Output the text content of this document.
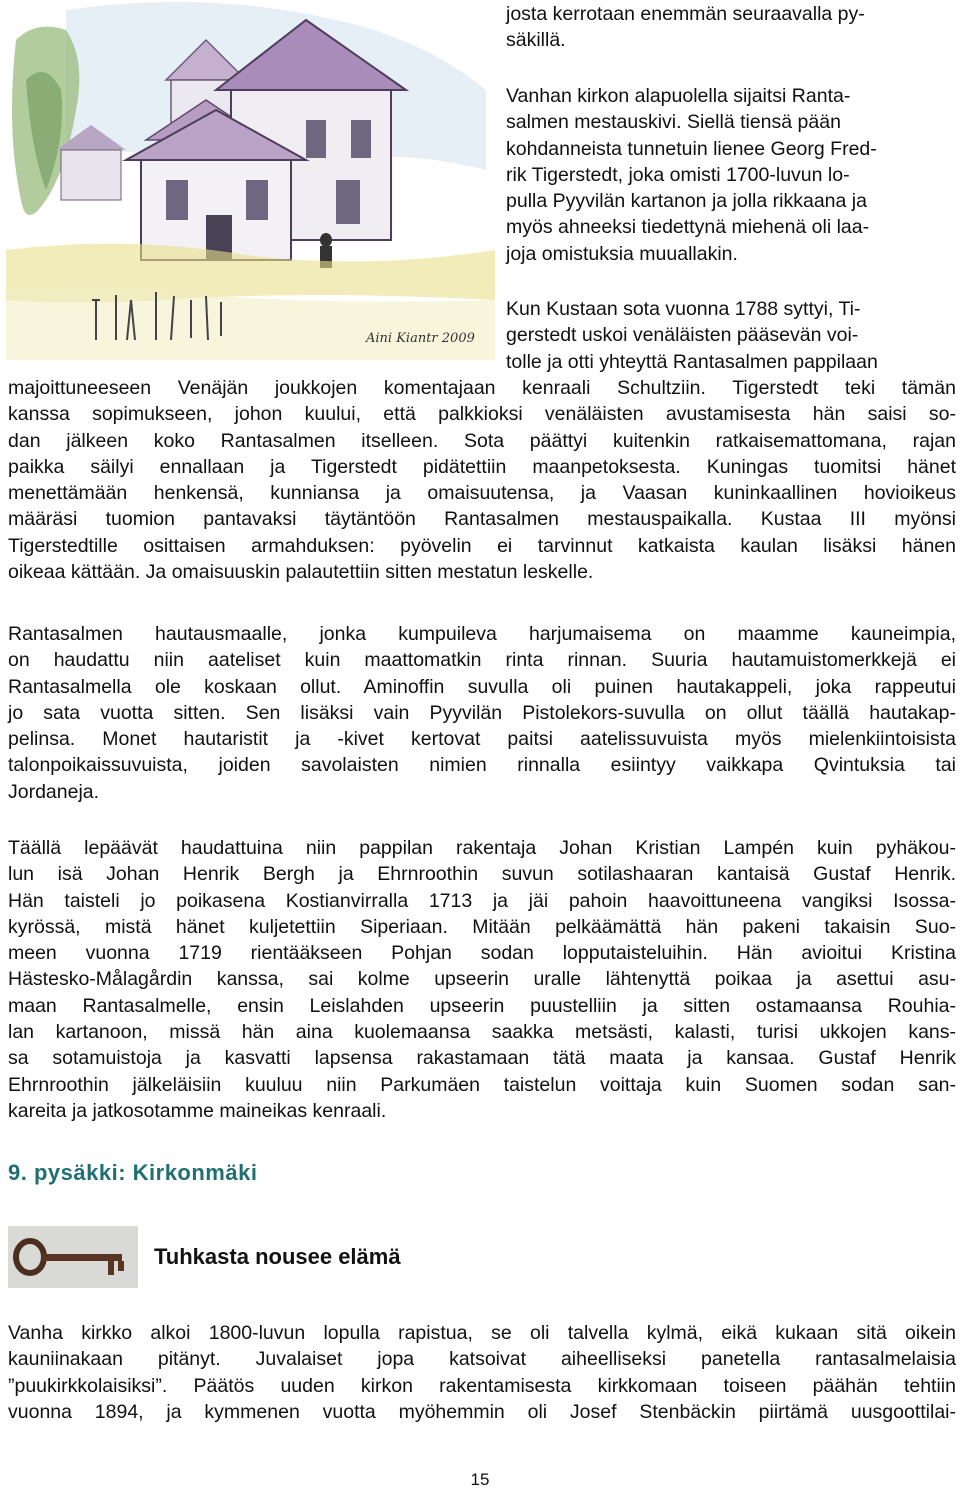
Aini Kiantr 2009
josta kerrotaan enemmän seuraavalla py-
säkillä.
Vanhan kirkon alapuolella sijaitsi Ranta-
salmen mestauskivi. Siellä tiensä pään
kohdanneista tunnetuin lienee Georg Fred-
rik Tigerstedt, joka omisti 1700-luvun lo-
pulla Pyyvilän kartanon ja jolla rikkaana ja
myös ahneeksi tiedettynä miehenä oli laa-
joja omistuksia muuallakin.
Kun Kustaan sota vuonna 1788 syttyi, Ti-
gerstedt uskoi venäläisten pääsevän voi-
tolle ja otti yhteyttä Rantasalmen pappilaan
majoittuneeseen Venäjän joukkojen komentajaan kenraali Schultziin. Tigerstedt teki tämän
kanssa sopimukseen, johon kuului, että palkkioksi venäläisten avustamisesta hän saisi so-
dan jälkeen koko Rantasalmen itselleen. Sota päättyi kuitenkin ratkaisemattomana, rajan
paikka säilyi ennallaan ja Tigerstedt pidätettiin maanpetoksesta. Kuningas tuomitsi hänet
menettämään henkensä, kunniansa ja omaisuutensa, ja Vaasan kuninkaallinen hovioikeus
määräsi tuomion pantavaksi täytäntöön Rantasalmen mestauspaikalla. Kustaa III myönsi
Tigerstedtille osittaisen armahduksen: pyövelin ei tarvinnut katkaista kaulan lisäksi hänen
oikeaa kättään. Ja omaisuuskin palautettiin sitten mestatun leskelle.
Rantasalmen hautausmaalle, jonka kumpuileva harjumaisema on maamme kauneimpia,
on haudattu niin aateliset kuin maattomatkin rinta rinnan. Suuria hautamuistomerkkejä ei
Rantasalmella ole koskaan ollut. Aminoffin suvulla oli puinen hautakappeli, joka rappeutui
jo sata vuotta sitten. Sen lisäksi vain Pyyvilän Pistolekors-suvulla on ollut täällä hautakap-
pelinsa. Monet hautaristit ja -kivet kertovat paitsi aatelissuvuista myös mielenkiintoisista
talonpoikaissuvuista, joiden savolaisten nimien rinnalla esiintyy vaikkapa Qvintuksia tai
Jordaneja.
Täällä lepäävät haudattuina niin pappilan rakentaja Johan Kristian Lampén kuin pyhäkou-
lun isä Johan Henrik Bergh ja Ehrnroothin suvun sotilashaaran kantaisä Gustaf Henrik.
Hän taisteli jo poikasena Kostianvirralla 1713 ja jäi pahoin haavoittuneena vangiksi Isossa-
kyrössä, mistä hänet kuljetettiin Siperiaan. Mitään pelkäämättä hän pakeni takaisin Suo-
meen vuonna 1719 rientääkseen Pohjan sodan lopputaisteluihin. Hän avioitui Kristina
Hästesko-Målagårdin kanssa, sai kolme upseerin uralle lähtenyttä poikaa ja asettui asu-
maan Rantasalmelle, ensin Leislahden upseerin puustelliin ja sitten ostamaansa Rouhia-
lan kartanoon, missä hän aina kuolemaansa saakka metsästi, kalasti, turisi ukkojen kans-
sa sotamuistoja ja kasvatti lapsensa rakastamaan tätä maata ja kansaa. Gustaf Henrik
Ehrnroothin jälkeläisiin kuuluu niin Parkumäen taistelun voittaja kuin Suomen sodan san-
kareita ja jatkosotamme maineikas kenraali.
9. pysäkki: Kirkonmäki
Tuhkasta nousee elämä
Vanha kirkko alkoi 1800-luvun lopulla rapistua, se oli talvella kylmä, eikä kukaan sitä oikein
kauniinakaan pitänyt. Juvalaiset jopa katsoivat aiheelliseksi panetella rantasalmelaisia
”puukirkkolaisiksi”. Päätös uuden kirkon rakentamisesta kirkkomaan toiseen päähän tehtiin
vuonna 1894, ja kymmenen vuotta myöhemmin oli Josef Stenbäckin piirtämä uusgoottilai-
15
